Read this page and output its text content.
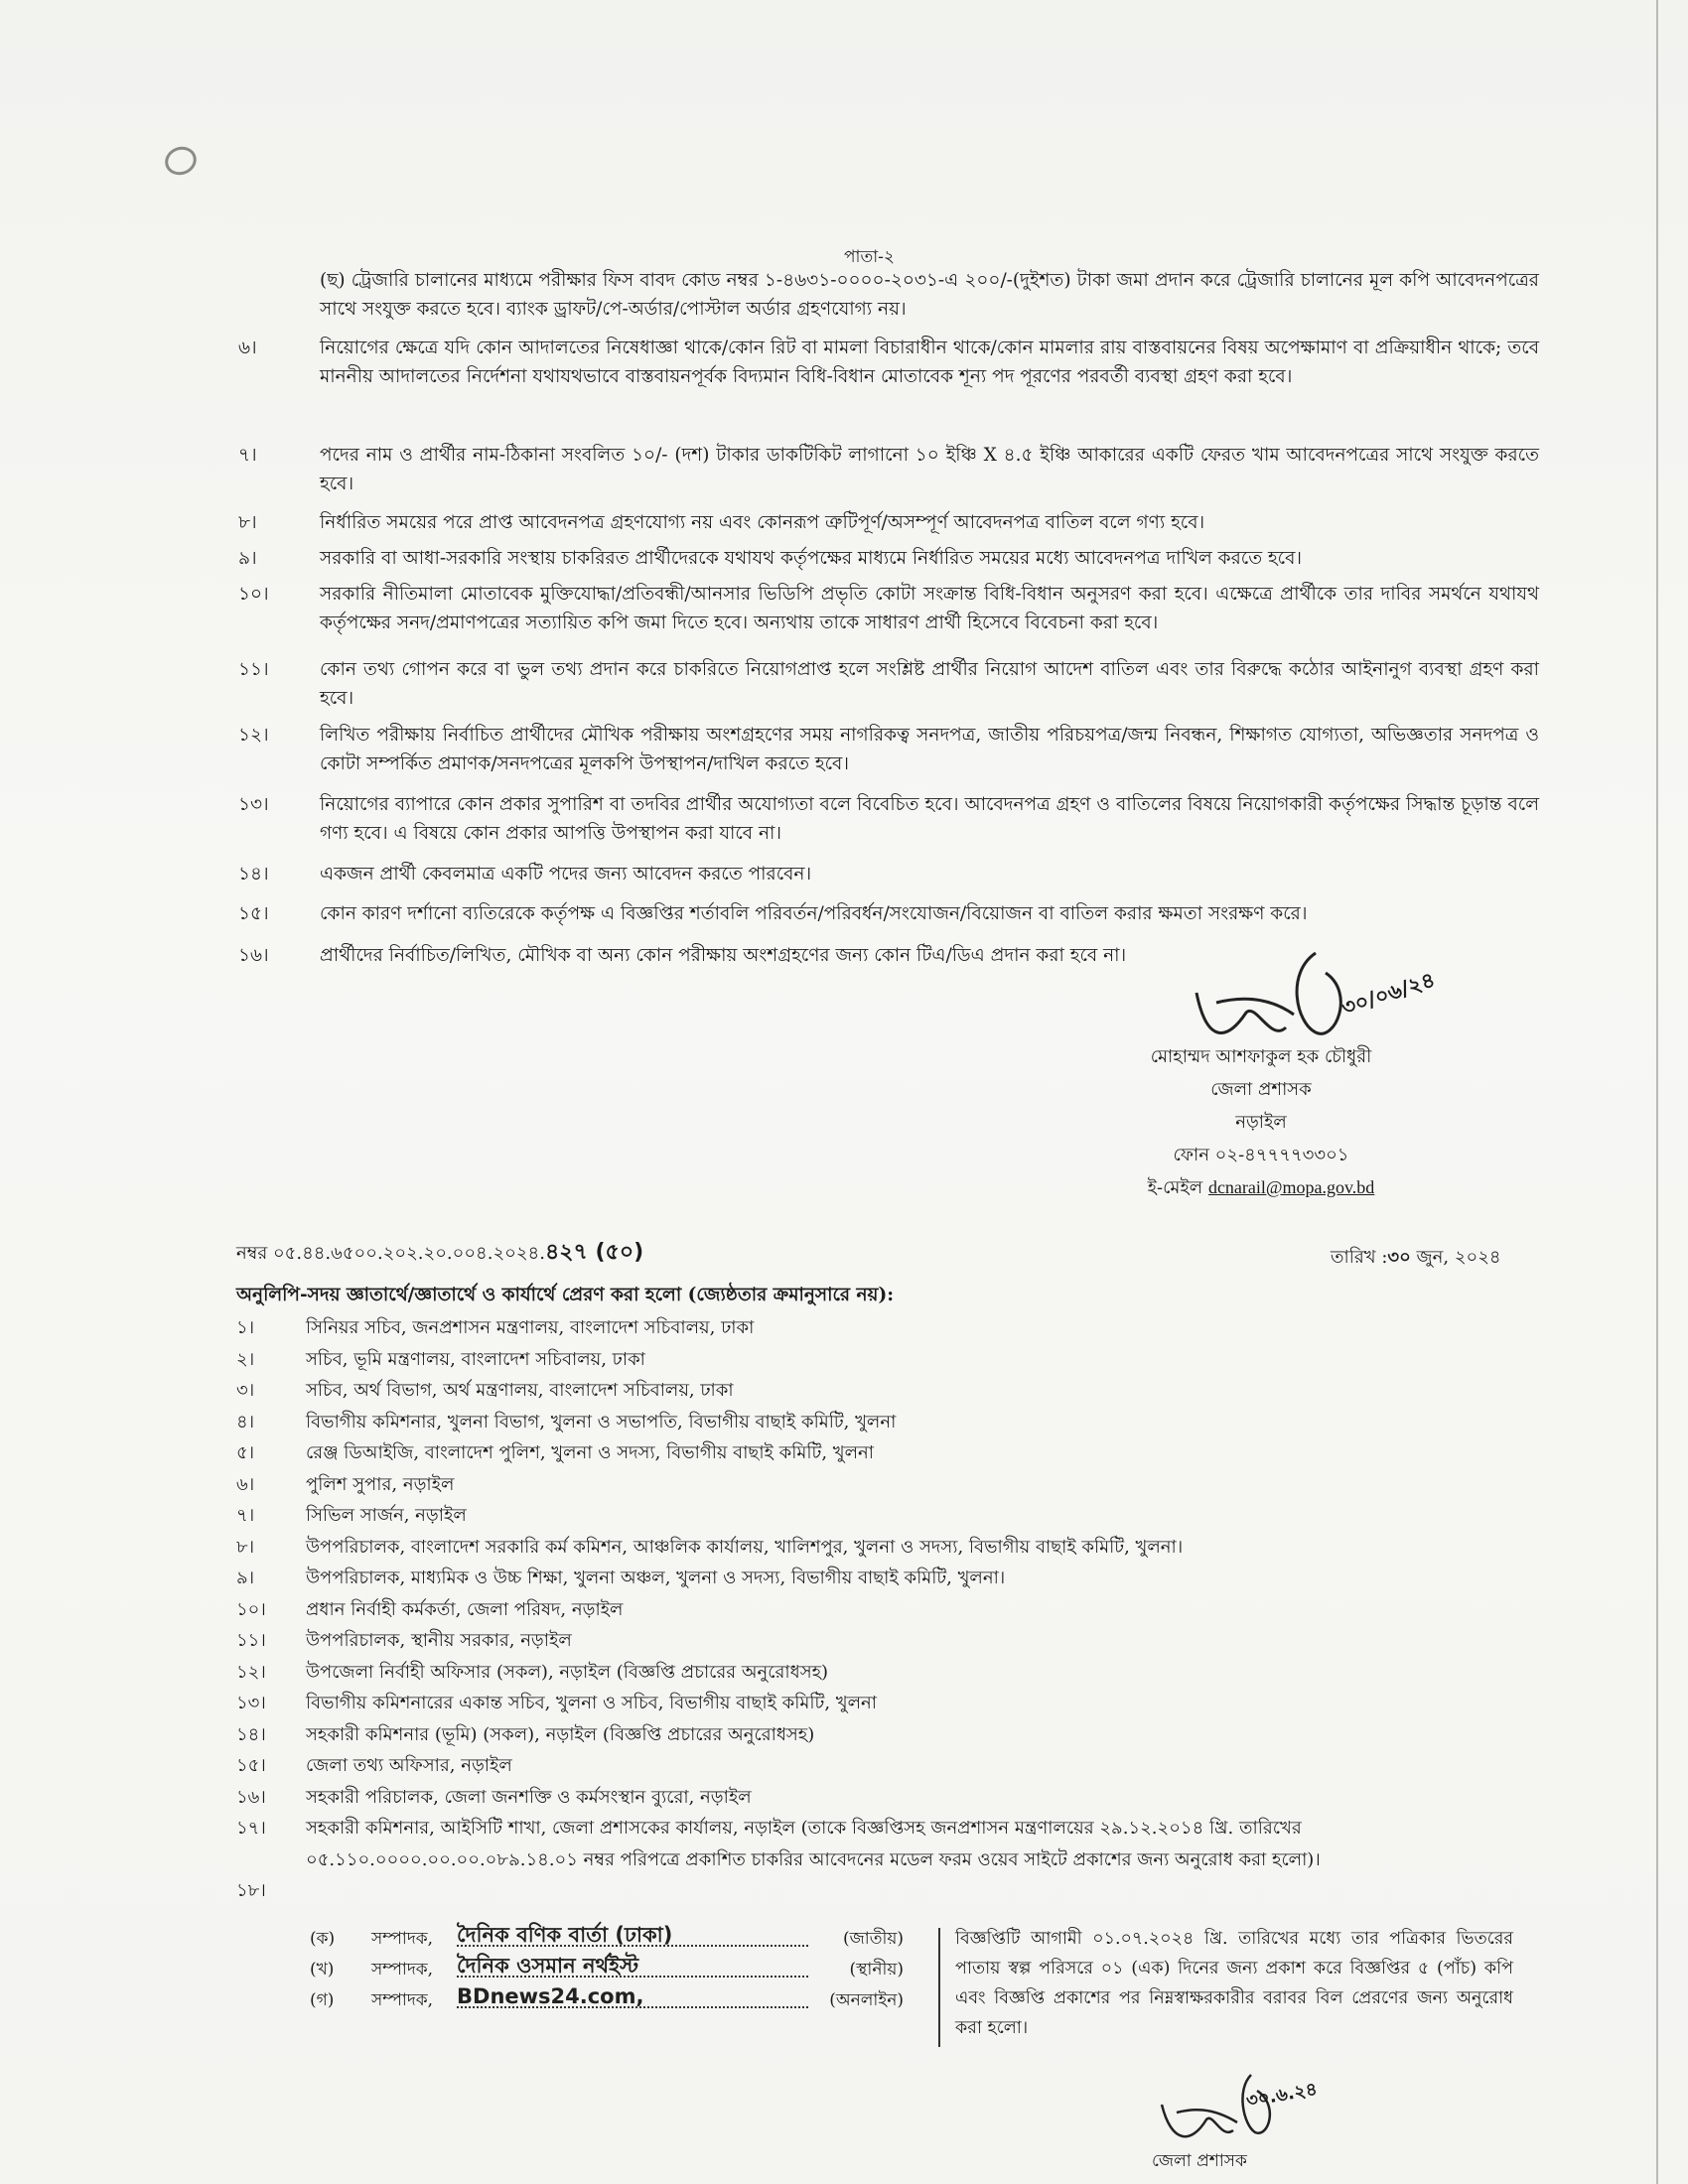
পাতা-২
(ছ) ট্রেজারি চালানের মাধ্যমে পরীক্ষার ফিস বাবদ কোড নম্বর ১-৪৬৩১-০০০০-২০৩১-এ ২০০/-(দুইশত) টাকা জমা প্রদান করে ট্রেজারি চালানের মূল কপি আবেদনপত্রের সাথে সংযুক্ত করতে হবে। ব্যাংক ড্রাফট/পে-অর্ডার/পোস্টাল অর্ডার গ্রহণযোগ্য নয়।
৬।	নিয়োগের ক্ষেত্রে যদি কোন আদালতের নিষেধাজ্ঞা থাকে/কোন রিট বা মামলা বিচারাধীন থাকে/কোন মামলার রায় বাস্তবায়নের বিষয় অপেক্ষামাণ বা প্রক্রিয়াধীন থাকে; তবে মাননীয় আদালতের নির্দেশনা যথাযথভাবে বাস্তবায়নপূর্বক বিদ্যমান বিধি-বিধান মোতাবেক শূন্য পদ পূরণের পরবর্তী ব্যবস্থা গ্রহণ করা হবে।
৭।	পদের নাম ও প্রার্থীর নাম-ঠিকানা সংবলিত ১০/- (দশ) টাকার ডাকটিকিট লাগানো ১০ ইঞ্চি X ৪.৫ ইঞ্চি আকারের একটি ফেরত খাম আবেদনপত্রের সাথে সংযুক্ত করতে হবে।
৮।	নির্ধারিত সময়ের পরে প্রাপ্ত আবেদনপত্র গ্রহণযোগ্য নয় এবং কোনরূপ ত্রুটিপূর্ণ/অসম্পূর্ণ আবেদনপত্র বাতিল বলে গণ্য হবে।
৯।	সরকারি বা আধা-সরকারি সংস্থায় চাকরিরত প্রার্থীদেরকে যথাযথ কর্তৃপক্ষের মাধ্যমে নির্ধারিত সময়ের মধ্যে আবেদনপত্র দাখিল করতে হবে।
১০।	সরকারি নীতিমালা মোতাবেক মুক্তিযোদ্ধা/প্রতিবন্ধী/আনসার ভিডিপি প্রভৃতি কোটা সংক্রান্ত বিধি-বিধান অনুসরণ করা হবে। এক্ষেত্রে প্রার্থীকে তার দাবির সমর্থনে যথাযথ কর্তৃপক্ষের সনদ/প্রমাণপত্রের সত্যায়িত কপি জমা দিতে হবে। অন্যথায় তাকে সাধারণ প্রার্থী হিসেবে বিবেচনা করা হবে।
১১।	কোন তথ্য গোপন করে বা ভুল তথ্য প্রদান করে চাকরিতে নিয়োগপ্রাপ্ত হলে সংশ্লিষ্ট প্রার্থীর নিয়োগ আদেশ বাতিল এবং তার বিরুদ্ধে কঠোর আইনানুগ ব্যবস্থা গ্রহণ করা হবে।
১২।	লিখিত পরীক্ষায় নির্বাচিত প্রার্থীদের মৌখিক পরীক্ষায় অংশগ্রহণের সময় নাগরিকত্ব সনদপত্র, জাতীয় পরিচয়পত্র/জন্ম নিবন্ধন, শিক্ষাগত যোগ্যতা, অভিজ্ঞতার সনদপত্র ও কোটা সম্পর্কিত প্রমাণক/সনদপত্রের মূলকপি উপস্থাপন/দাখিল করতে হবে।
১৩।	নিয়োগের ব্যাপারে কোন প্রকার সুপারিশ বা তদবির প্রার্থীর অযোগ্যতা বলে বিবেচিত হবে। আবেদনপত্র গ্রহণ ও বাতিলের বিষয়ে নিয়োগকারী কর্তৃপক্ষের সিদ্ধান্ত চূড়ান্ত বলে গণ্য হবে। এ বিষয়ে কোন প্রকার আপত্তি উপস্থাপন করা যাবে না।
১৪।	একজন প্রার্থী কেবলমাত্র একটি পদের জন্য আবেদন করতে পারবেন।
১৫।	কোন কারণ দর্শানো ব্যতিরেকে কর্তৃপক্ষ এ বিজ্ঞপ্তির শর্তাবলি পরিবর্তন/পরিবর্ধন/সংযোজন/বিয়োজন বা বাতিল করার ক্ষমতা সংরক্ষণ করে।
১৬।	প্রার্থীদের নির্বাচিত/লিখিত, মৌখিক বা অন্য কোন পরীক্ষায় অংশগ্রহণের জন্য কোন টিএ/ডিএ প্রদান করা হবে না।
৩০/০৬/২৪
মোহাম্মদ আশফাকুল হক চৌধুরী
জেলা প্রশাসক
নড়াইল
ফোন ০২-৪৭৭৭৭৩৩০১
ই-মেইল dcnarail@mopa.gov.bd
নম্বর ০৫.৪৪.৬৫০০.২০২.২০.০০৪.২০২৪.৪২৭ (৫০)	তারিখ :৩০ জুন, ২০২৪
অনুলিপি-সদয় জ্ঞাতার্থে/জ্ঞাতার্থে ও কার্যার্থে প্রেরণ করা হলো (জ্যেষ্ঠতার ক্রমানুসারে নয়):
১।	সিনিয়র সচিব, জনপ্রশাসন মন্ত্রণালয়, বাংলাদেশ সচিবালয়, ঢাকা
২।	সচিব, ভূমি মন্ত্রণালয়, বাংলাদেশ সচিবালয়, ঢাকা
৩।	সচিব, অর্থ বিভাগ, অর্থ মন্ত্রণালয়, বাংলাদেশ সচিবালয়, ঢাকা
৪।	বিভাগীয় কমিশনার, খুলনা বিভাগ, খুলনা ও সভাপতি, বিভাগীয় বাছাই কমিটি, খুলনা
৫।	রেঞ্জ ডিআইজি, বাংলাদেশ পুলিশ, খুলনা ও সদস্য, বিভাগীয় বাছাই কমিটি, খুলনা
৬।	পুলিশ সুপার, নড়াইল
৭।	সিভিল সার্জন, নড়াইল
৮।	উপপরিচালক, বাংলাদেশ সরকারি কর্ম কমিশন, আঞ্চলিক কার্যালয়, খালিশপুর, খুলনা ও সদস্য, বিভাগীয় বাছাই কমিটি, খুলনা।
৯।	উপপরিচালক, মাধ্যমিক ও উচ্চ শিক্ষা, খুলনা অঞ্চল, খুলনা ও সদস্য, বিভাগীয় বাছাই কমিটি, খুলনা।
১০। প্রধান নির্বাহী কর্মকর্তা, জেলা পরিষদ, নড়াইল
১১। উপপরিচালক, স্থানীয় সরকার, নড়াইল
১২। উপজেলা নির্বাহী অফিসার (সকল), নড়াইল (বিজ্ঞপ্তি প্রচারের অনুরোধসহ)
১৩। বিভাগীয় কমিশনারের একান্ত সচিব, খুলনা ও সচিব, বিভাগীয় বাছাই কমিটি, খুলনা
১৪। সহকারী কমিশনার (ভূমি) (সকল), নড়াইল (বিজ্ঞপ্তি প্রচারের অনুরোধসহ)
১৫। জেলা তথ্য অফিসার, নড়াইল
১৬। সহকারী পরিচালক, জেলা জনশক্তি ও কর্মসংস্থান ব্যুরো, নড়াইল
১৭। সহকারী কমিশনার, আইসিটি শাখা, জেলা প্রশাসকের কার্যালয়, নড়াইল (তাকে বিজ্ঞপ্তিসহ জনপ্রশাসন মন্ত্রণালয়ের ২৯.১২.২০১৪ খ্রি. তারিখের ০৫.১১০.০০০০.০০.০০.০৮৯.১৪.০১ নম্বর পরিপত্রে প্রকাশিত চাকরির আবেদনের মডেল ফরম ওয়েব সাইটে প্রকাশের জন্য অনুরোধ করা হলো)।
১৮।

(ক) সম্পাদক, দৈনিক বণিক বার্তা (ঢাকা)	(জাতীয়)
(খ) সম্পাদক, দৈনিক ওসমান নর্থইস্ট	(স্থানীয়)
(গ) সম্পাদক, BDnews24.com,	(অনলাইন)
বিজ্ঞপ্তিটি আগামী ০১.০৭.২০২৪ খ্রি. তারিখের মধ্যে তার পত্রিকার ভিতরের পাতায় স্বল্প পরিসরে ০১ (এক) দিনের জন্য প্রকাশ করে বিজ্ঞপ্তির ৫ (পাঁচ) কপি এবং বিজ্ঞপ্তি প্রকাশের পর নিম্নস্বাক্ষরকারীর বরাবর বিল প্রেরণের জন্য অনুরোধ করা হলো।
৩০.৬.২৪
জেলা প্রশাসক
